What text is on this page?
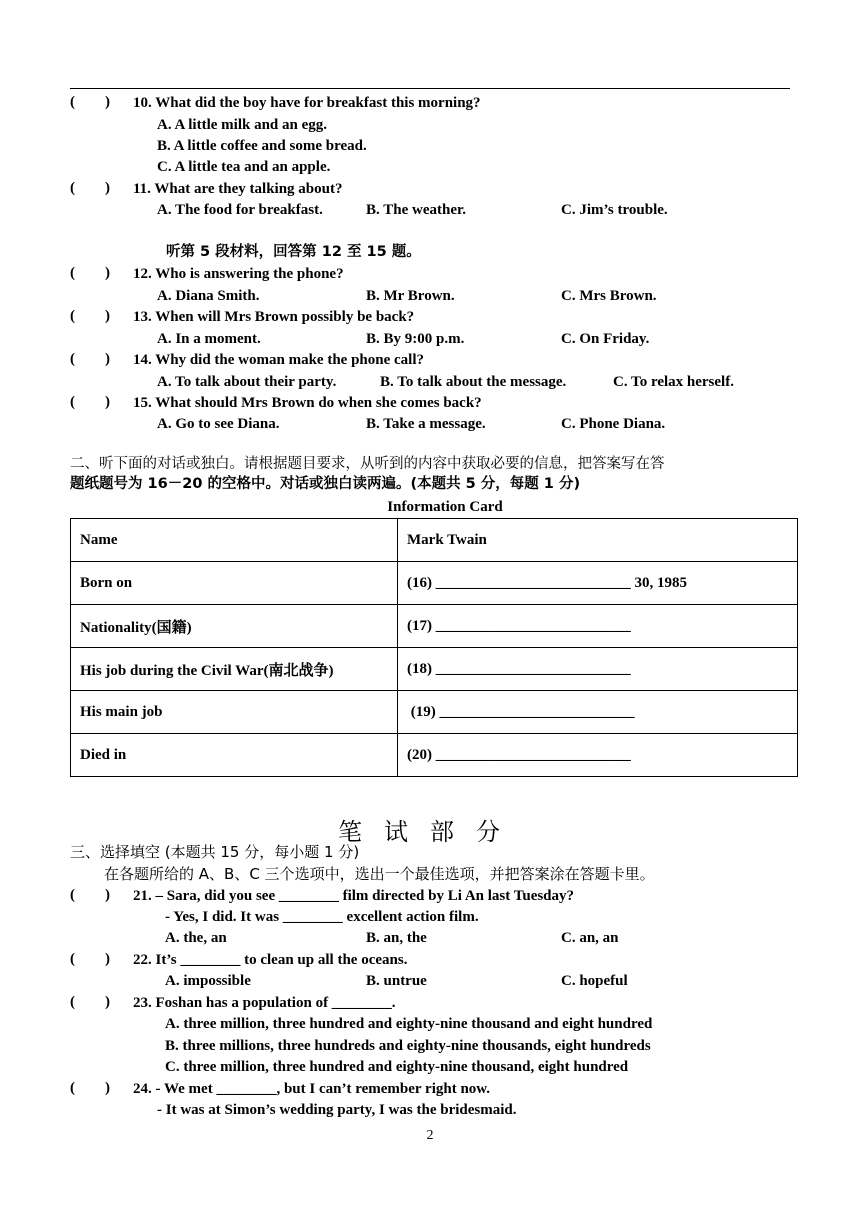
(        ) 10. What did the boy have for breakfast this morning?
A. A little milk and an egg.
B. A little coffee and some bread.
C. A little tea and an apple.
(        ) 11. What are they talking about?
A. The food for breakfast.	B. The weather.	C. Jim’s trouble.
听第 5 段材料，回答第 12 至 15 题。
(        ) 12. Who is answering the phone?
A. Diana Smith.	B. Mr Brown.	C. Mrs Brown.
(        ) 13. When will Mrs Brown possibly be back?
A. In a moment.	B. By 9:00 p.m.	C. On Friday.
(        ) 14. Why did the woman make the phone call?
A. To talk about their party.	B. To talk about the message.	C. To relax herself.
(        ) 15. What should Mrs Brown do when she comes back?
A. Go to see Diana.	B. Take a message.	C. Phone Diana.
二、听下面的对话或独白。请根据题目要求，从听到的内容中获取必要的信息，把答案写在答
题纸题号为 16－20 的空格中。对话或独白读两遍。(本题共 5 分，每题 1 分)
Information Card
Name	Mark Twain
Born on	(16) __________________________ 30, 1985
Nationality(国籍)	(17) __________________________
His job during the Civil War(南北战争)	(18) __________________________
His main job	(19) __________________________
Died in	(20) __________________________
笔试部分
三、选择填空 (本题共 15 分，每小题 1 分)
在各题所给的 A、B、C 三个选项中，选出一个最佳选项，并把答案涂在答题卡里。
(        ) 21. – Sara, did you see ________ film directed by Li An last Tuesday?
- Yes, I did. It was ________ excellent action film.
A. the, an	B. an, the	C. an, an
(        ) 22. It’s ________ to clean up all the oceans.
A. impossible	B. untrue	C. hopeful
(        ) 23. Foshan has a population of ________.
A. three million, three hundred and eighty-nine thousand and eight hundred
B. three millions, three hundreds and eighty-nine thousands, eight hundreds
C. three million, three hundred and eighty-nine thousand, eight hundred
(        ) 24. - We met ________, but I can’t remember right now.
- It was at Simon’s wedding party, I was the bridesmaid.
2
